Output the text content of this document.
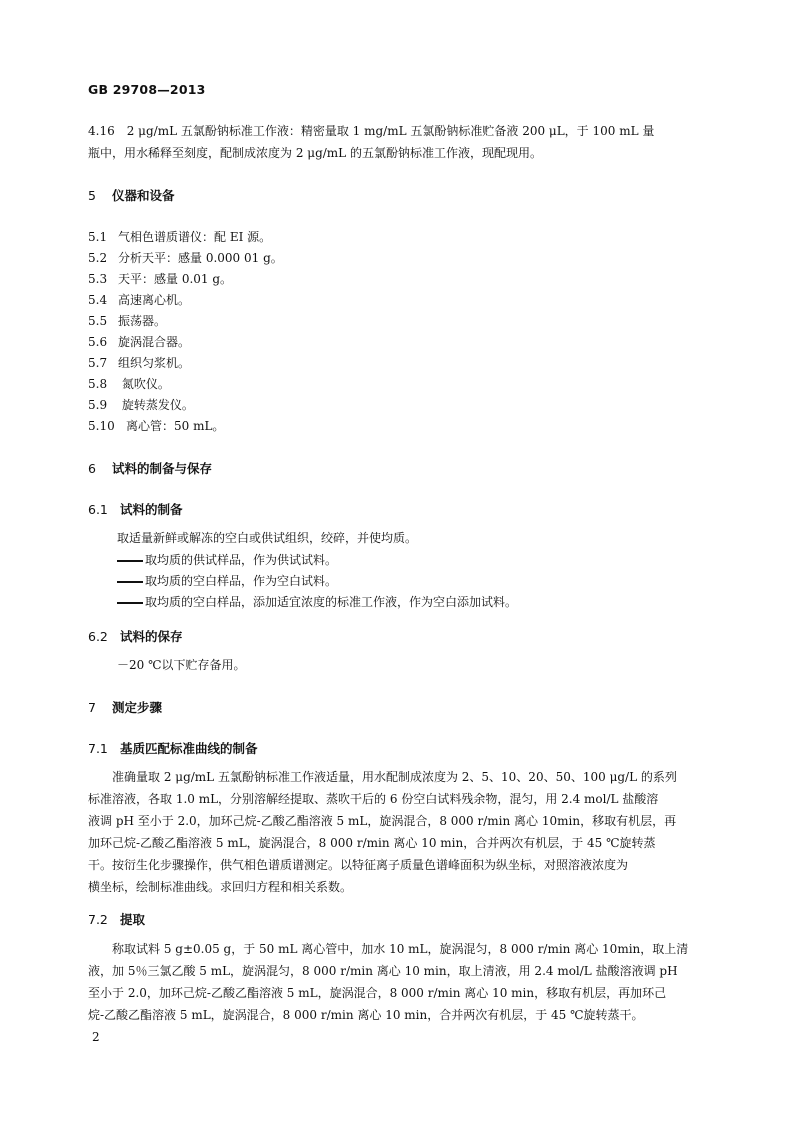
GB 29708—2013
4.16　2 μg/mL 五氯酚钠标准工作液：精密量取 1 mg/mL 五氯酚钠标准贮备液 200 μL，于 100 mL 量
瓶中，用水稀释至刻度，配制成浓度为 2 μg/mL 的五氯酚钠标准工作液，现配现用。
5 仪器和设备
5.1 气相色谱质谱仪：配 EI 源。
5.2 分析天平：感量 0.000 01 g。
5.3 天平：感量 0.01 g。
5.4 高速离心机。
5.5 振荡器。
5.6 旋涡混合器。
5.7 组织匀浆机。
5.8 氮吹仪。
5.9 旋转蒸发仪。
5.10 离心管：50 mL。
6 试料的制备与保存
6.1 试料的制备
取适量新鲜或解冻的空白或供试组织，绞碎，并使均质。
取均质的供试样品，作为供试试料。
取均质的空白样品，作为空白试料。
取均质的空白样品，添加适宜浓度的标准工作液，作为空白添加试料。
6.2 试料的保存
－20 ℃以下贮存备用。
7 测定步骤
7.1 基质匹配标准曲线的制备
　　准确量取 2 μg/mL 五氯酚钠标准工作液适量，用水配制成浓度为 2、5、10、20、50、100 μg/L 的系列
标准溶液，各取 1.0 mL，分别溶解经提取、蒸吹干后的 6 份空白试料残余物，混匀，用 2.4 mol/L 盐酸溶
液调 pH 至小于 2.0，加环己烷-乙酸乙酯溶液 5 mL，旋涡混合，8 000 r/min 离心 10min，移取有机层，再
加环己烷-乙酸乙酯溶液 5 mL，旋涡混合，8 000 r/min 离心 10 min，合并两次有机层，于 45 ℃旋转蒸
干。按衍生化步骤操作，供气相色谱质谱测定。以特征离子质量色谱峰面积为纵坐标，对照溶液浓度为
横坐标，绘制标准曲线。求回归方程和相关系数。
7.2 提取
　　称取试料 5 g±0.05 g，于 50 mL 离心管中，加水 10 mL，旋涡混匀，8 000 r/min 离心 10min，取上清
液，加 5％三氯乙酸 5 mL，旋涡混匀，8 000 r/min 离心 10 min，取上清液，用 2.4 mol/L 盐酸溶液调 pH
至小于 2.0，加环己烷-乙酸乙酯溶液 5 mL，旋涡混合，8 000 r/min 离心 10 min，移取有机层，再加环己
烷-乙酸乙酯溶液 5 mL，旋涡混合，8 000 r/min 离心 10 min，合并两次有机层，于 45 ℃旋转蒸干。
2
